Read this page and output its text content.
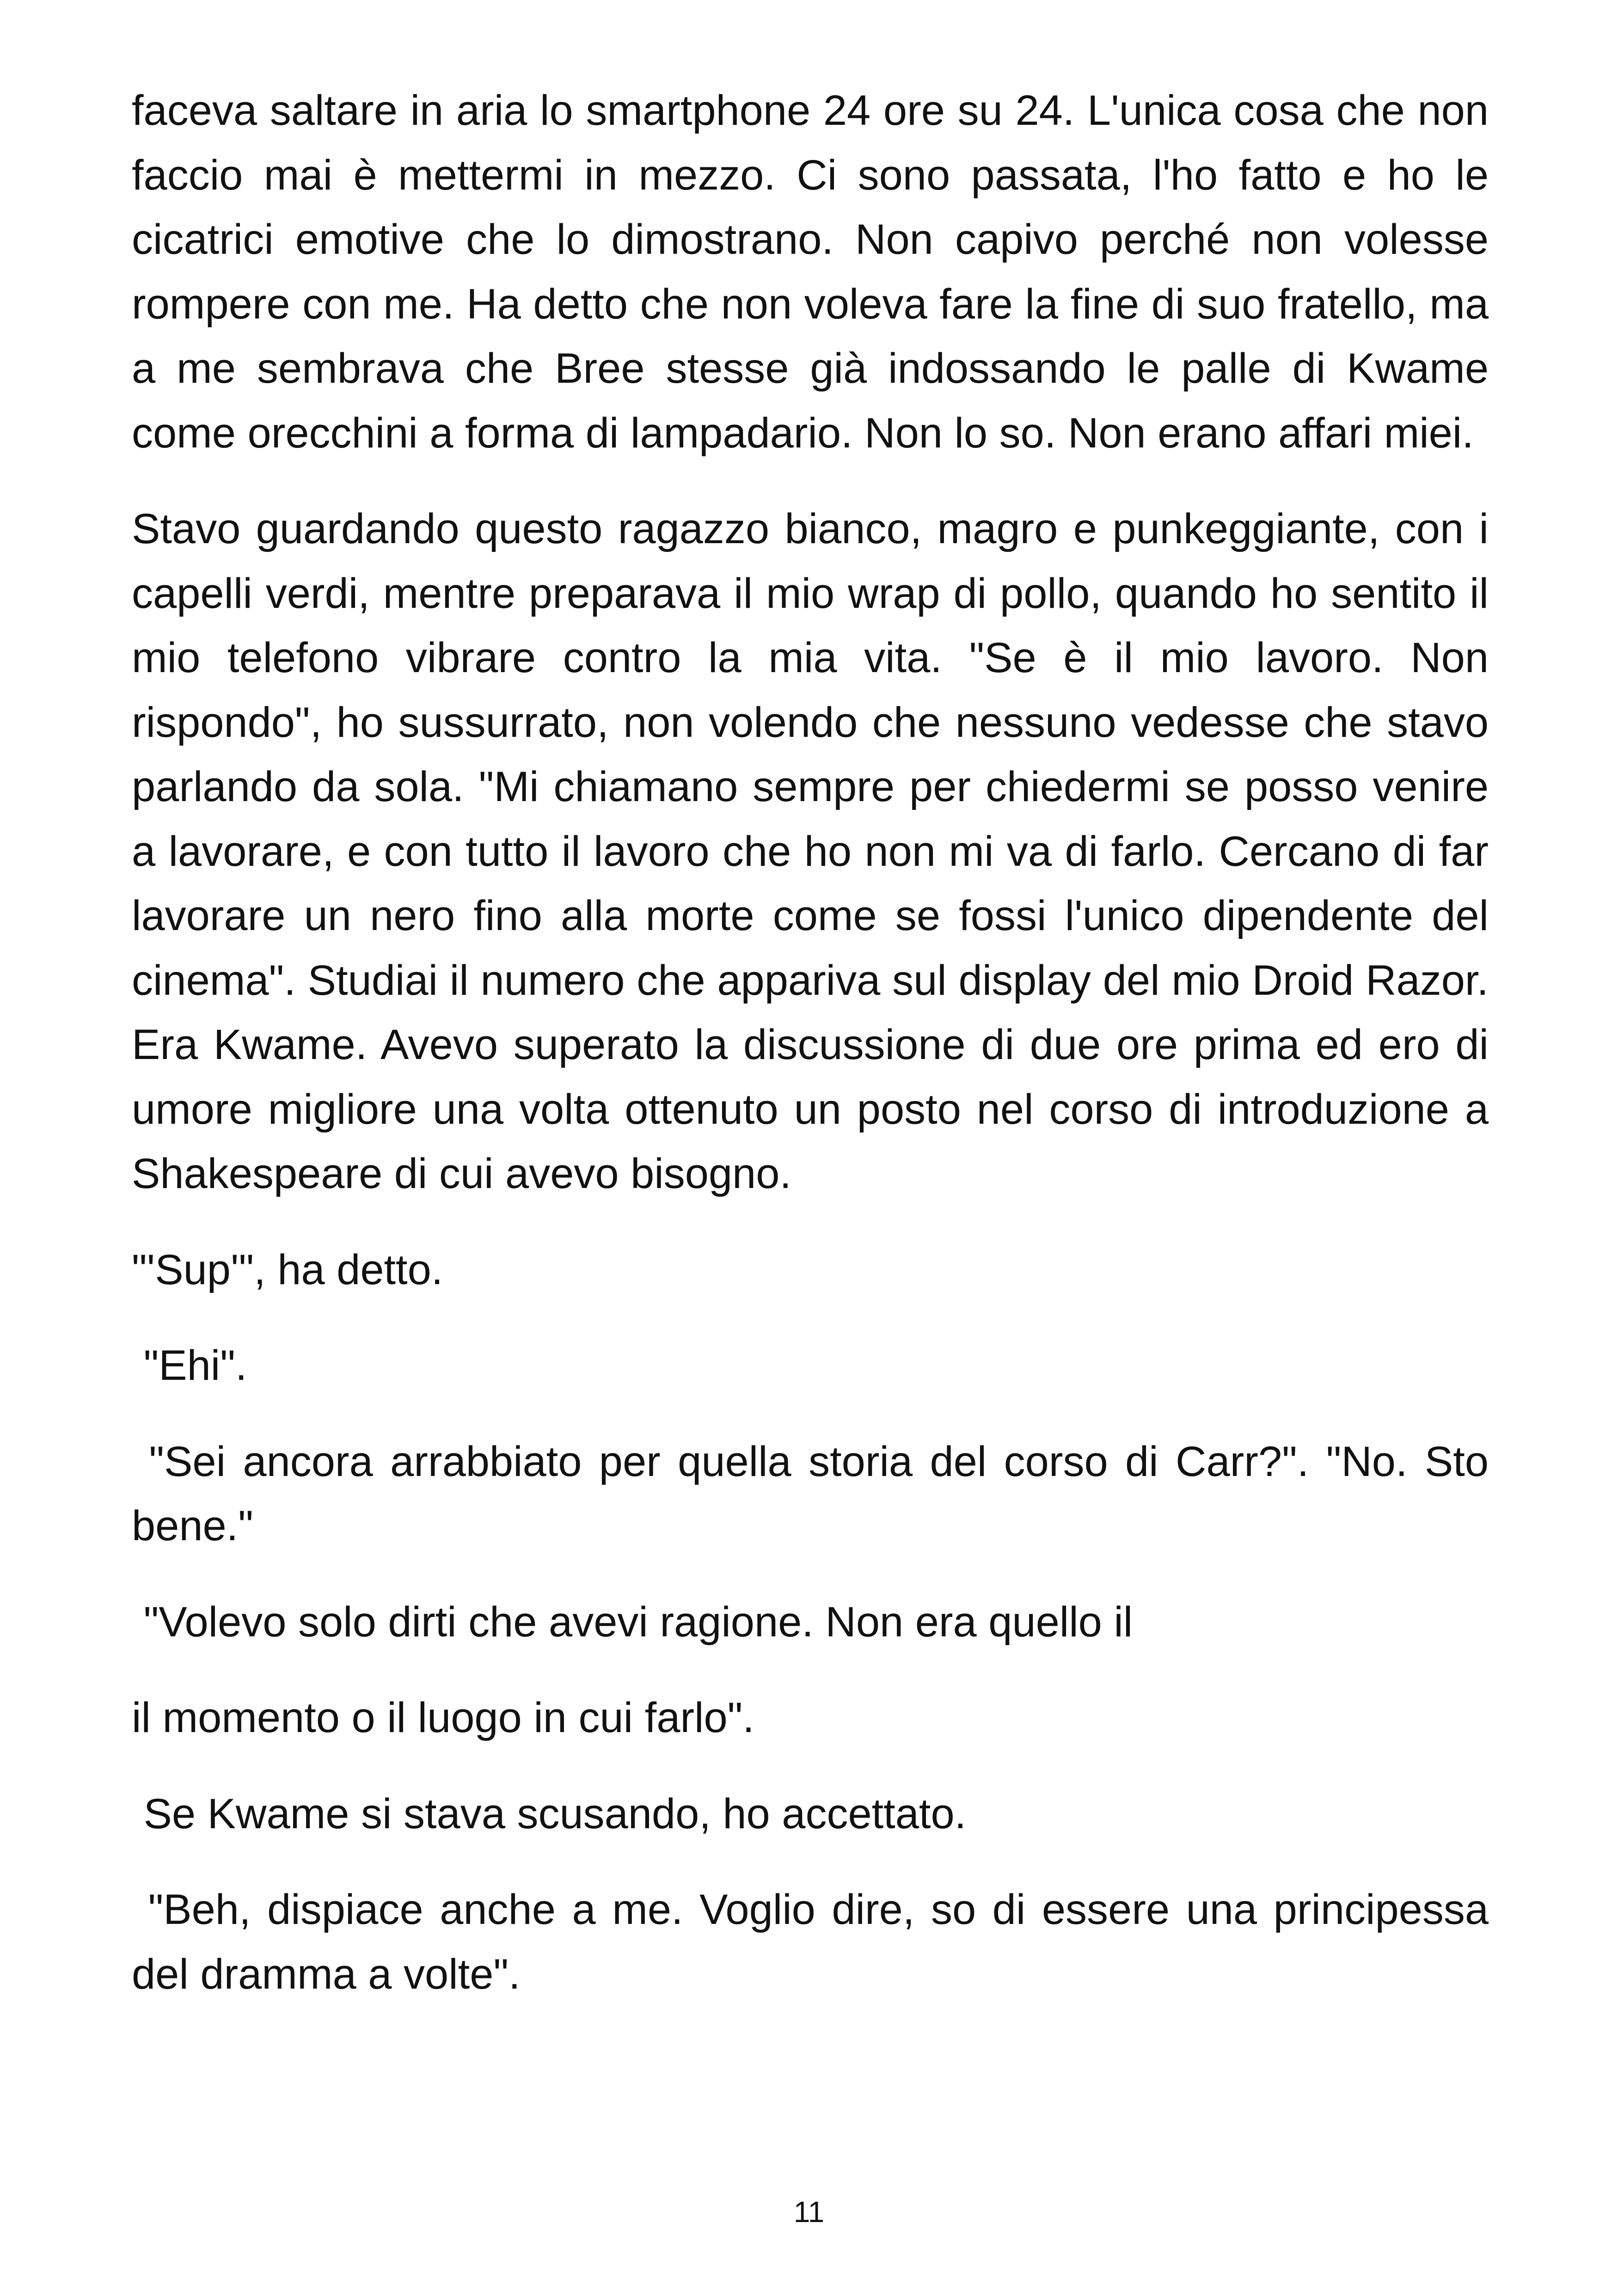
faceva saltare in aria lo smartphone 24 ore su 24. L'unica cosa che non faccio mai è mettermi in mezzo. Ci sono passata, l'ho fatto e ho le cicatrici emotive che lo dimostrano. Non capivo perché non volesse rompere con me. Ha detto che non voleva fare la fine di suo fratello, ma a me sembrava che Bree stesse già indossando le palle di Kwame come orecchini a forma di lampadario. Non lo so. Non erano affari miei.

Stavo guardando questo ragazzo bianco, magro e punkeggiante, con i capelli verdi, mentre preparava il mio wrap di pollo, quando ho sentito il mio telefono vibrare contro la mia vita. "Se è il mio lavoro. Non rispondo", ho sussurrato, non volendo che nessuno vedesse che stavo parlando da sola. "Mi chiamano sempre per chiedermi se posso venire a lavorare, e con tutto il lavoro che ho non mi va di farlo. Cercano di far lavorare un nero fino alla morte come se fossi l'unico dipendente del cinema". Studiai il numero che appariva sul display del mio Droid Razor. Era Kwame. Avevo superato la discussione di due ore prima ed ero di umore migliore una volta ottenuto un posto nel corso di introduzione a Shakespeare di cui avevo bisogno.

"'Sup'", ha detto.

"Ehi".

"Sei ancora arrabbiato per quella storia del corso di Carr?". "No. Sto bene."

"Volevo solo dirti che avevi ragione. Non era quello il

il momento o il luogo in cui farlo".

Se Kwame si stava scusando, ho accettato.

"Beh, dispiace anche a me. Voglio dire, so di essere una principessa del dramma a volte".

11
